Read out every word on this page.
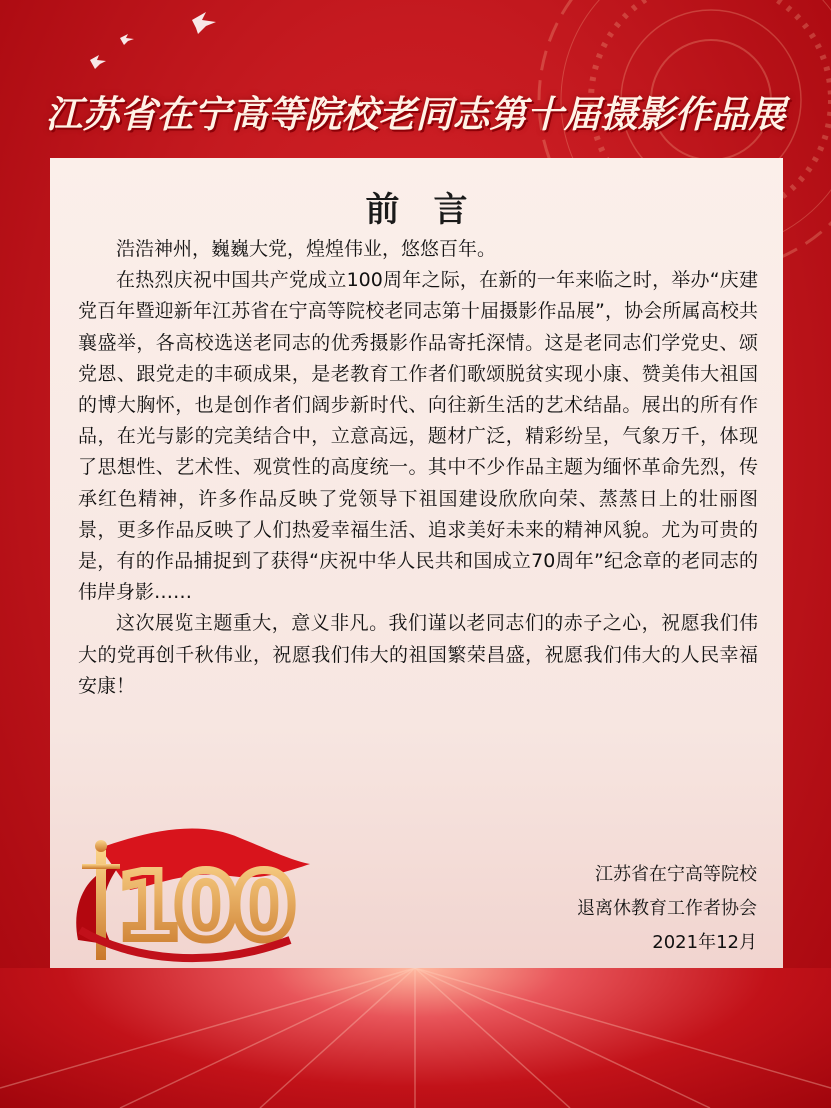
江苏省在宁高等院校老同志第十届摄影作品展
前言

浩浩神州，巍巍大党，煌煌伟业，悠悠百年。

在热烈庆祝中国共产党成立100周年之际，在新的一年来临之时，举办“庆建党百年暨迎新年江苏省在宁高等院校老同志第十届摄影作品展”，协会所属高校共襄盛举，各高校选送老同志的优秀摄影作品寄托深情。这是老同志们学党史、颂党恩、跟党走的丰硕成果，是老教育工作者们歌颂脱贫实现小康、赞美伟大祖国的博大胸怀，也是创作者们阔步新时代、向往新生活的艺术结晶。展出的所有作品，在光与影的完美结合中，立意高远，题材广泛，精彩纷呈，气象万千，体现了思想性、艺术性、观赏性的高度统一。其中不少作品主题为缅怀革命先烈，传承红色精神，许多作品反映了党领导下祖国建设欣欣向荣、蒸蒸日上的壮丽图景，更多作品反映了人们热爱幸福生活、追求美好未来的精神风貌。尤为可贵的是，有的作品捕捉到了获得“庆祝中华人民共和国成立70周年”纪念章的老同志的伟岸身影……

这次展览主题重大，意义非凡。我们谨以老同志们的赤子之心，祝愿我们伟大的党再创千秋伟业，祝愿我们伟大的祖国繁荣昌盛，祝愿我们伟大的人民幸福安康！

江苏省在宁高等院校
退离休教育工作者协会
2021年12月
100
